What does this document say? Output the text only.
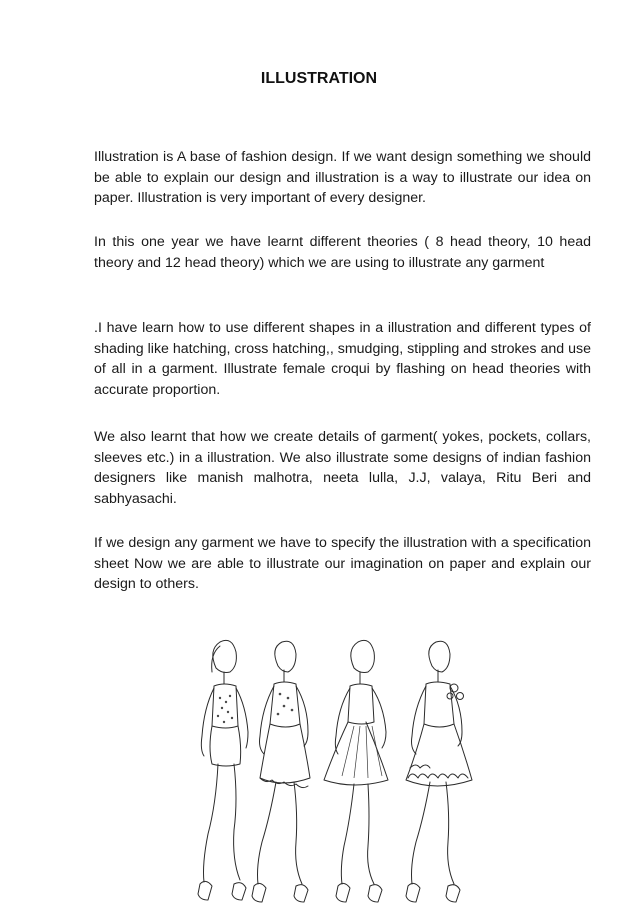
ILLUSTRATION

Illustration is A base of fashion design. If we want design something we should be able to explain our design and illustration is a way to illustrate our idea on paper. Illustration is very important of every designer.

In this one year we have learnt different theories ( 8 head theory, 10 head theory and 12 head theory) which we are using to illustrate any garment

.I have learn how to use different shapes in a illustration and different types of shading like hatching, cross hatching,, smudging, stippling and strokes and use of all in a garment. Illustrate female croqui by flashing on head theories with accurate proportion.

We also learnt that how we create details of garment( yokes, pockets, collars, sleeves etc.) in a illustration. We also illustrate some designs of indian fashion designers like manish malhotra, neeta lulla, J.J, valaya, Ritu Beri and sabhyasachi.

If we design any garment we have to specify the illustration with a specification sheet Now we are able to illustrate our imagination on paper and explain our design to others.
